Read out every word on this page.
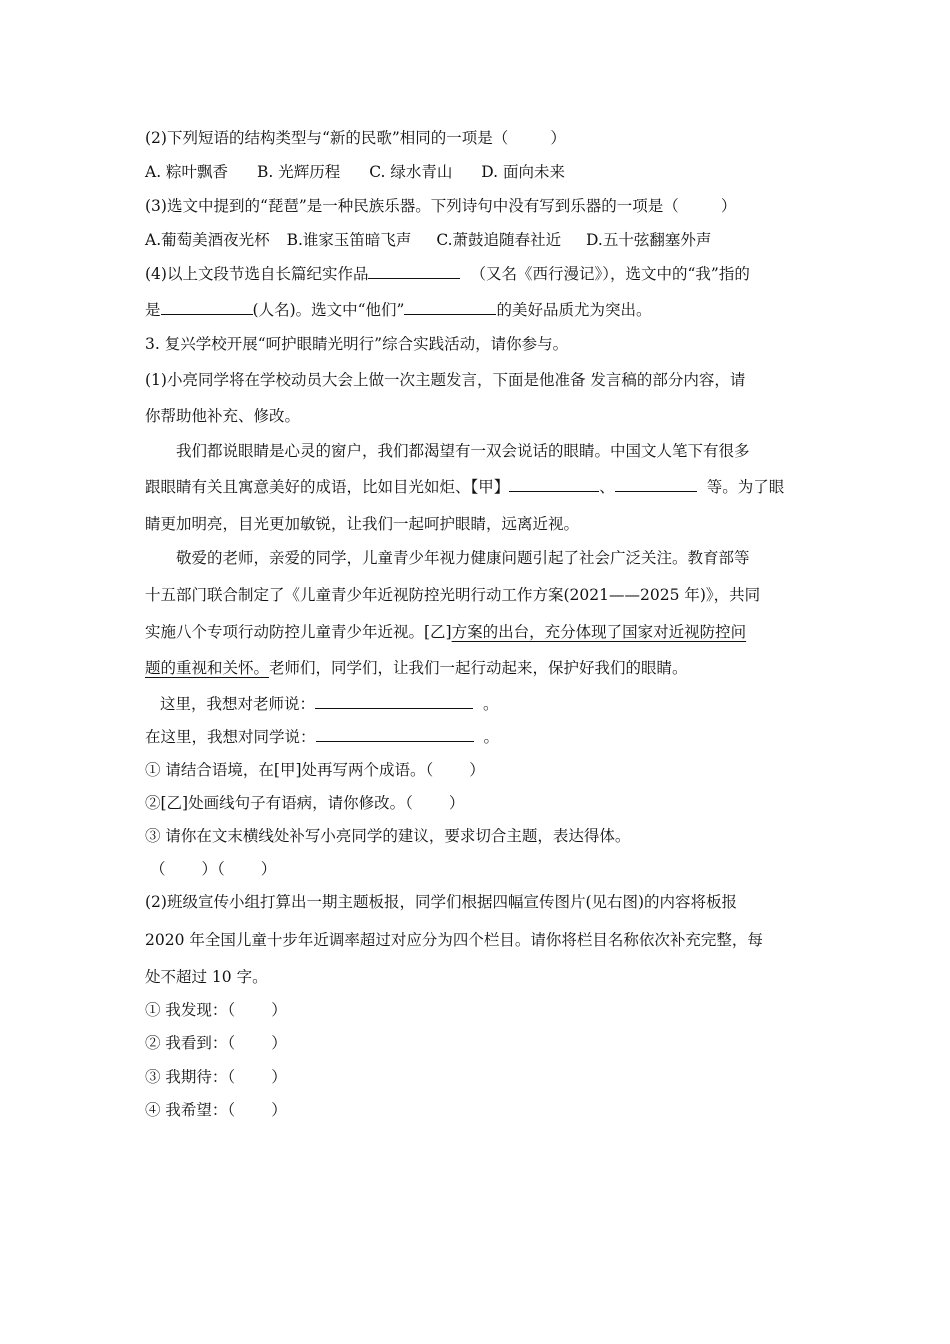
(2)下列短语的结构类型与“新的民歌”相同的一项是（	）
A. 粽叶飘香 B. 光辉历程 C. 绿水青山 D. 面向未来
(3)选文中提到的“琵琶”是一种民族乐器。下列诗句中没有写到乐器的一项是（	）
A.葡萄美酒夜光杯 B.谁家玉笛暗飞声 C.萧鼓追随春社近 D.五十弦翻塞外声
(4)以上文段节选自长篇纪实作品	（又名《西行漫记》），选文中的“我”指的
是	(人名)。选文中“他们”	的美好品质尤为突出。
3. 复兴学校开展“呵护眼睛光明行”综合实践活动，请你参与。
(1)小亮同学将在学校动员大会上做一次主题发言，下面是他准备 发言稿的部分内容，请
你帮助他补充、修改。
我们都说眼睛是心灵的窗户，我们都渴望有一双会说话的眼睛。中国文人笔下有很多
跟眼睛有关且寓意美好的成语，比如目光如炬、【甲】	、	等。为了眼
睛更加明亮，目光更加敏锐，让我们一起呵护眼睛，远离近视。
敬爱的老师，亲爱的同学，儿童青少年视力健康问题引起了社会广泛关注。教育部等
十五部门联合制定了《儿童青少年近视防控光明行动工作方案(2021——2025 年)》，共同
实施八个专项行动防控儿童青少年近视。[乙]方案的出台，充分体现了国家对近视防控问
题的重视和关怀。老师们，同学们，让我们一起行动起来，保护好我们的眼睛。
这里，我想对老师说：	。
在这里，我想对同学说：	。
① 请结合语境，在[甲]处再写两个成语。（ ）
②[乙]处画线句子有语病，请你修改。（ ）
③ 请你在文末横线处补写小亮同学的建议，要求切合主题，表达得体。
（ ）（ ）
(2)班级宣传小组打算出一期主题板报，同学们根据四幅宣传图片(见右图)的内容将板报
2020 年全国儿童十步年近调率超过对应分为四个栏目。请你将栏目名称依次补充完整，每
处不超过 10 字。
① 我发现：（ ）
② 我看到：（ ）
③ 我期待：（ ）
④ 我希望：（ ）
